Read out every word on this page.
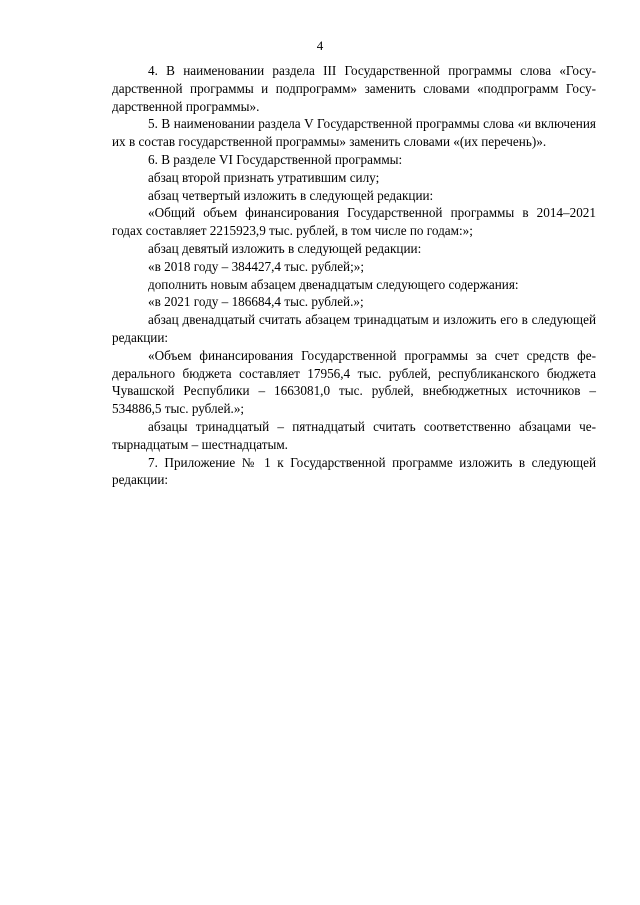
4

4. В наименовании раздела III Государственной программы слова «Государственной программы и подпрограмм» заменить словами «подпрограмм Государственной программы».

5. В наименовании раздела V Государственной программы слова «и включения их в состав государственной программы» заменить словами «(их перечень)».

6. В разделе VI Государственной программы:

абзац второй признать утратившим силу;

абзац четвертый изложить в следующей редакции:

«Общий объем финансирования Государственной программы в 2014–2021 годах составляет 2215923,9 тыс. рублей, в том числе по годам:»;

абзац девятый изложить в следующей редакции:

«в 2018 году – 384427,4 тыс. рублей;»;

дополнить новым абзацем двенадцатым следующего содержания:

«в 2021 году – 186684,4 тыс. рублей.»;

абзац двенадцатый считать абзацем тринадцатым и изложить его в следующей редакции:

«Объем финансирования Государственной программы за счет средств федерального бюджета составляет 17956,4 тыс. рублей, республиканского бюджета Чувашской Республики – 1663081,0 тыс. рублей, внебюджетных источников – 534886,5 тыс. рублей.»;

абзацы тринадцатый – пятнадцатый считать соответственно абзацами четырнадцатым – шестнадцатым.

7. Приложение № 1 к Государственной программе изложить в следующей редакции:
